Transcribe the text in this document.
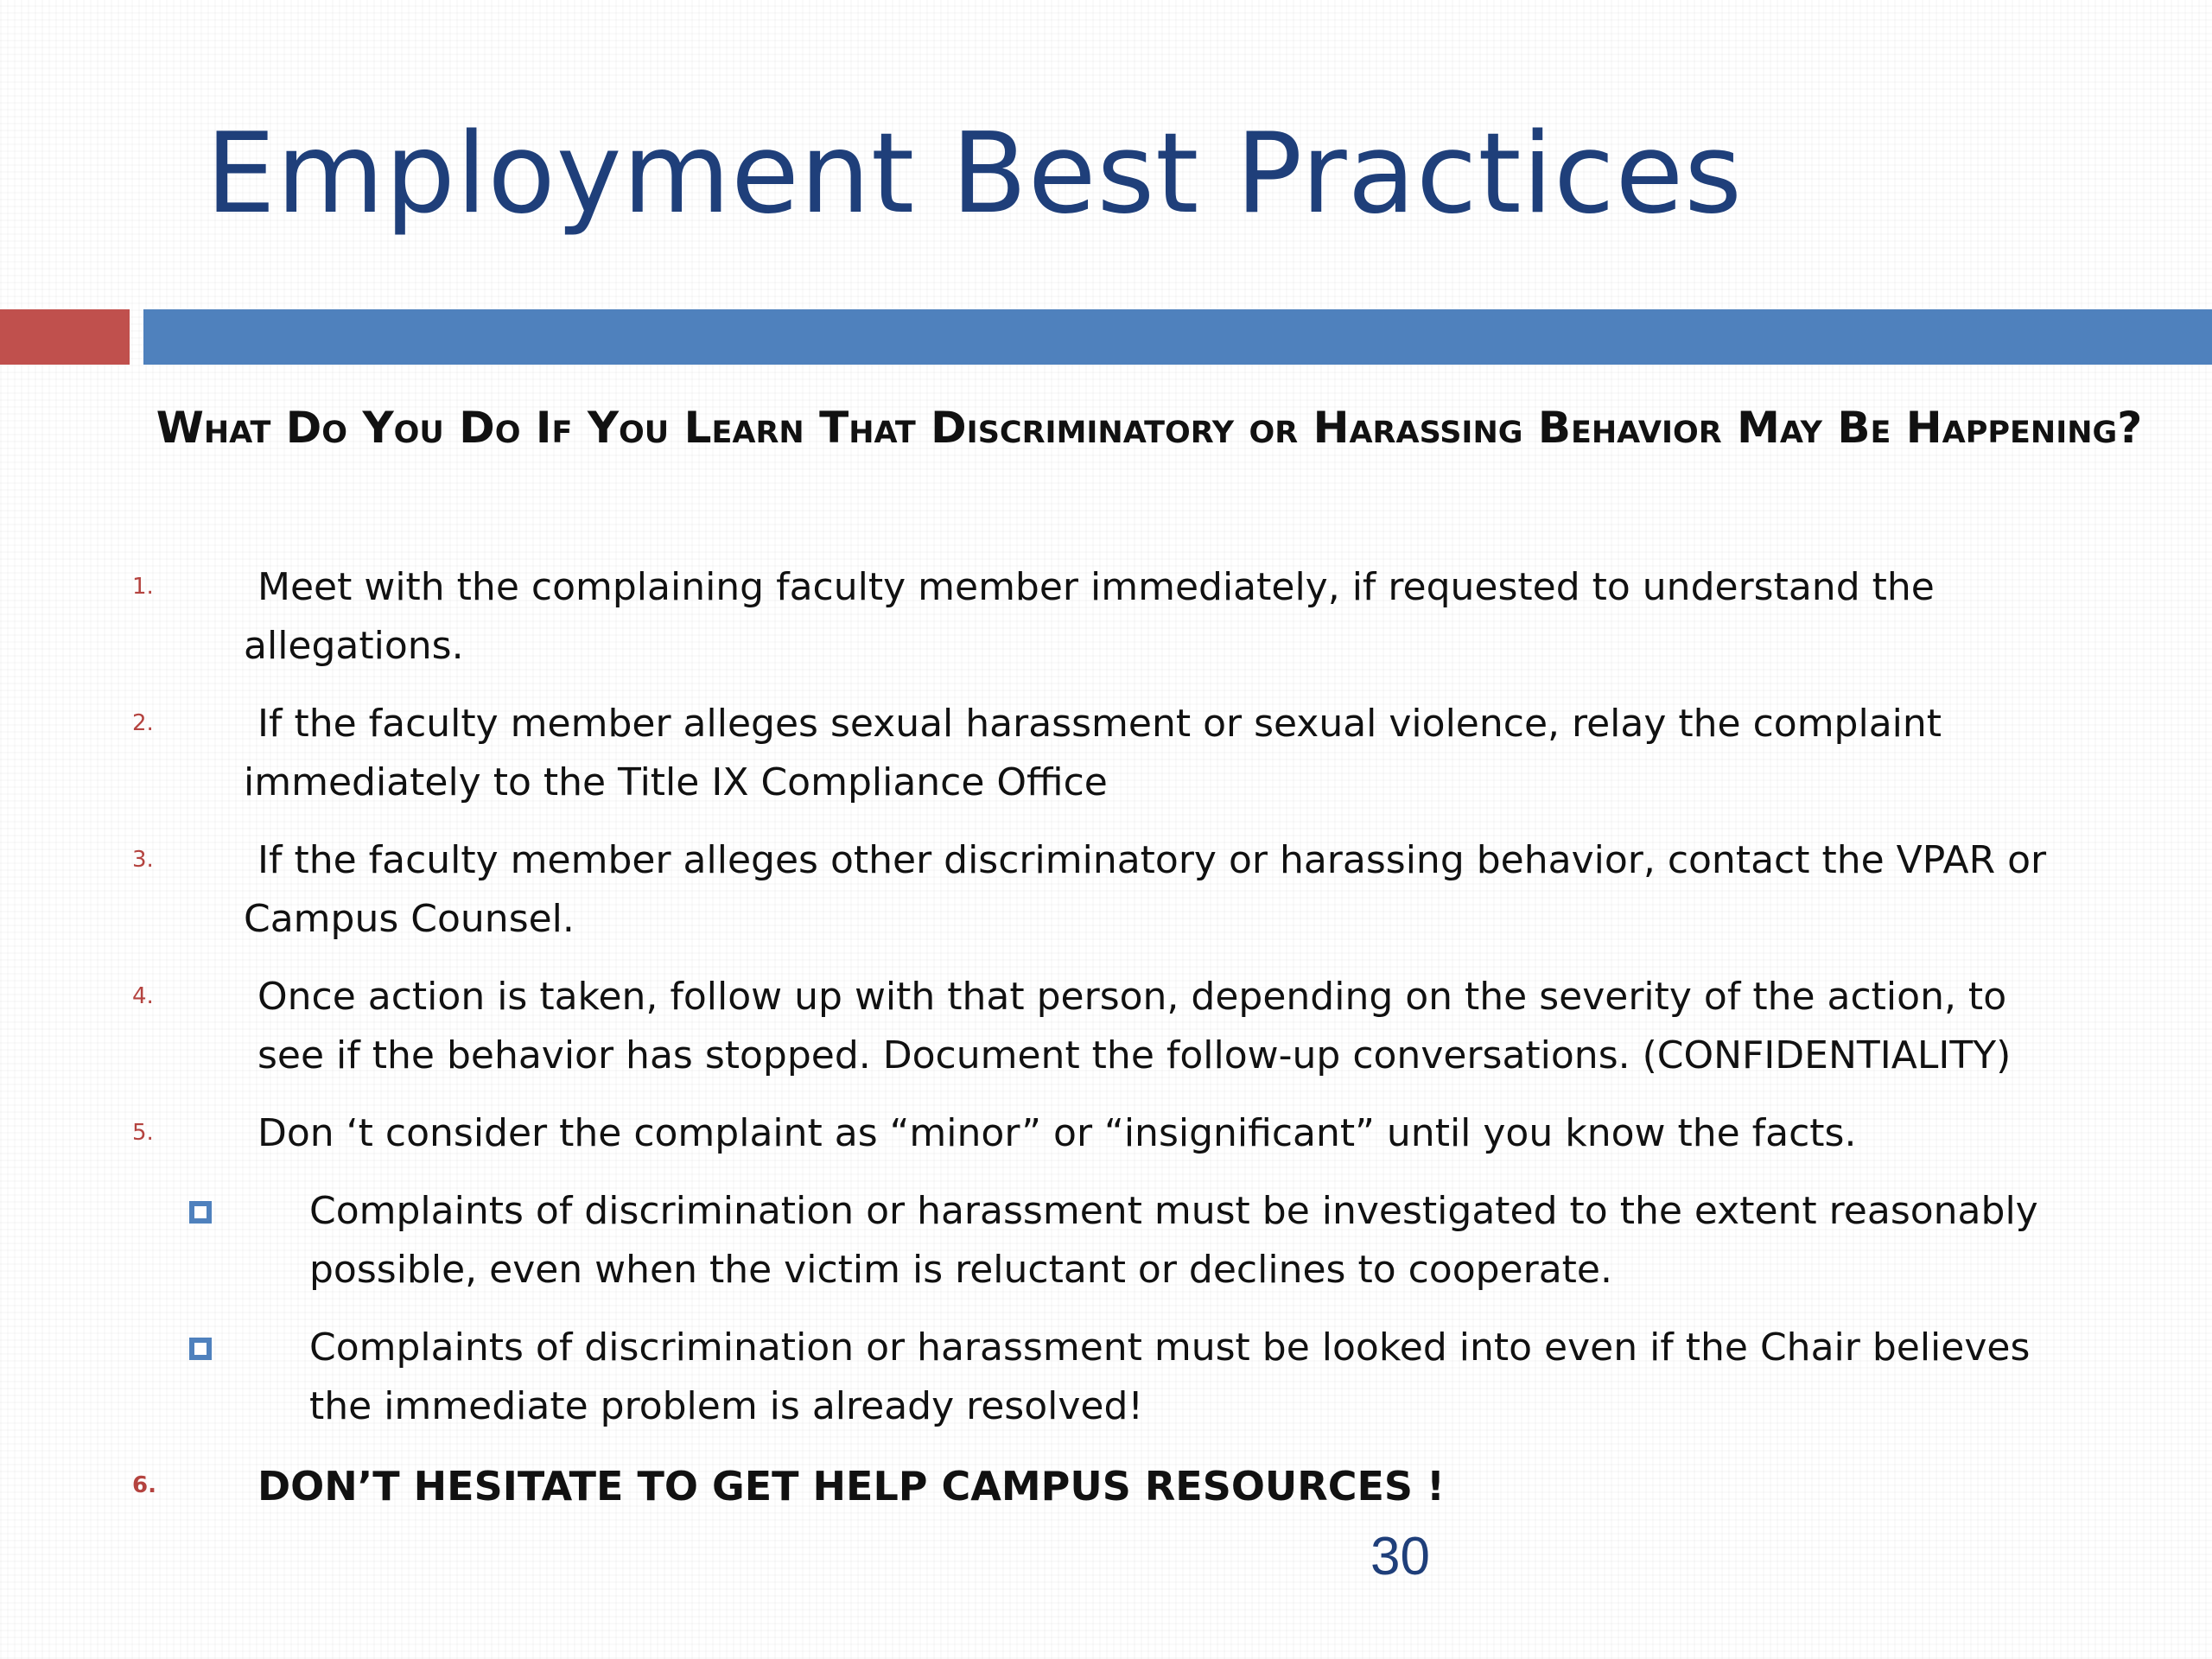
Employment Best Practices
What Do You Do If You Learn That Discriminatory or Harassing Behavior May Be Happening?
1.	Meet with the complaining faculty member immediately, if requested to understand the allegations.
2.	If the faculty member alleges sexual harassment or sexual violence, relay the complaint immediately to the Title IX Compliance Office
3.	If the faculty member alleges other discriminatory or harassing behavior, contact the VPAR or Campus Counsel.
4.	Once action is taken, follow up with that person, depending on the severity of the action, to see if the behavior has stopped. Document the follow-up conversations. (CONFIDENTIALITY)
5.	Don ‘t consider the complaint as “minor” or “insignificant” until you know the facts.
Complaints of discrimination or harassment must be investigated to the extent reasonably possible, even when the victim is reluctant or declines to cooperate.
Complaints of discrimination or harassment must be looked into even if the Chair believes the immediate problem is already resolved!
6.	DON’T HESITATE TO GET HELP CAMPUS RESOURCES !
30
